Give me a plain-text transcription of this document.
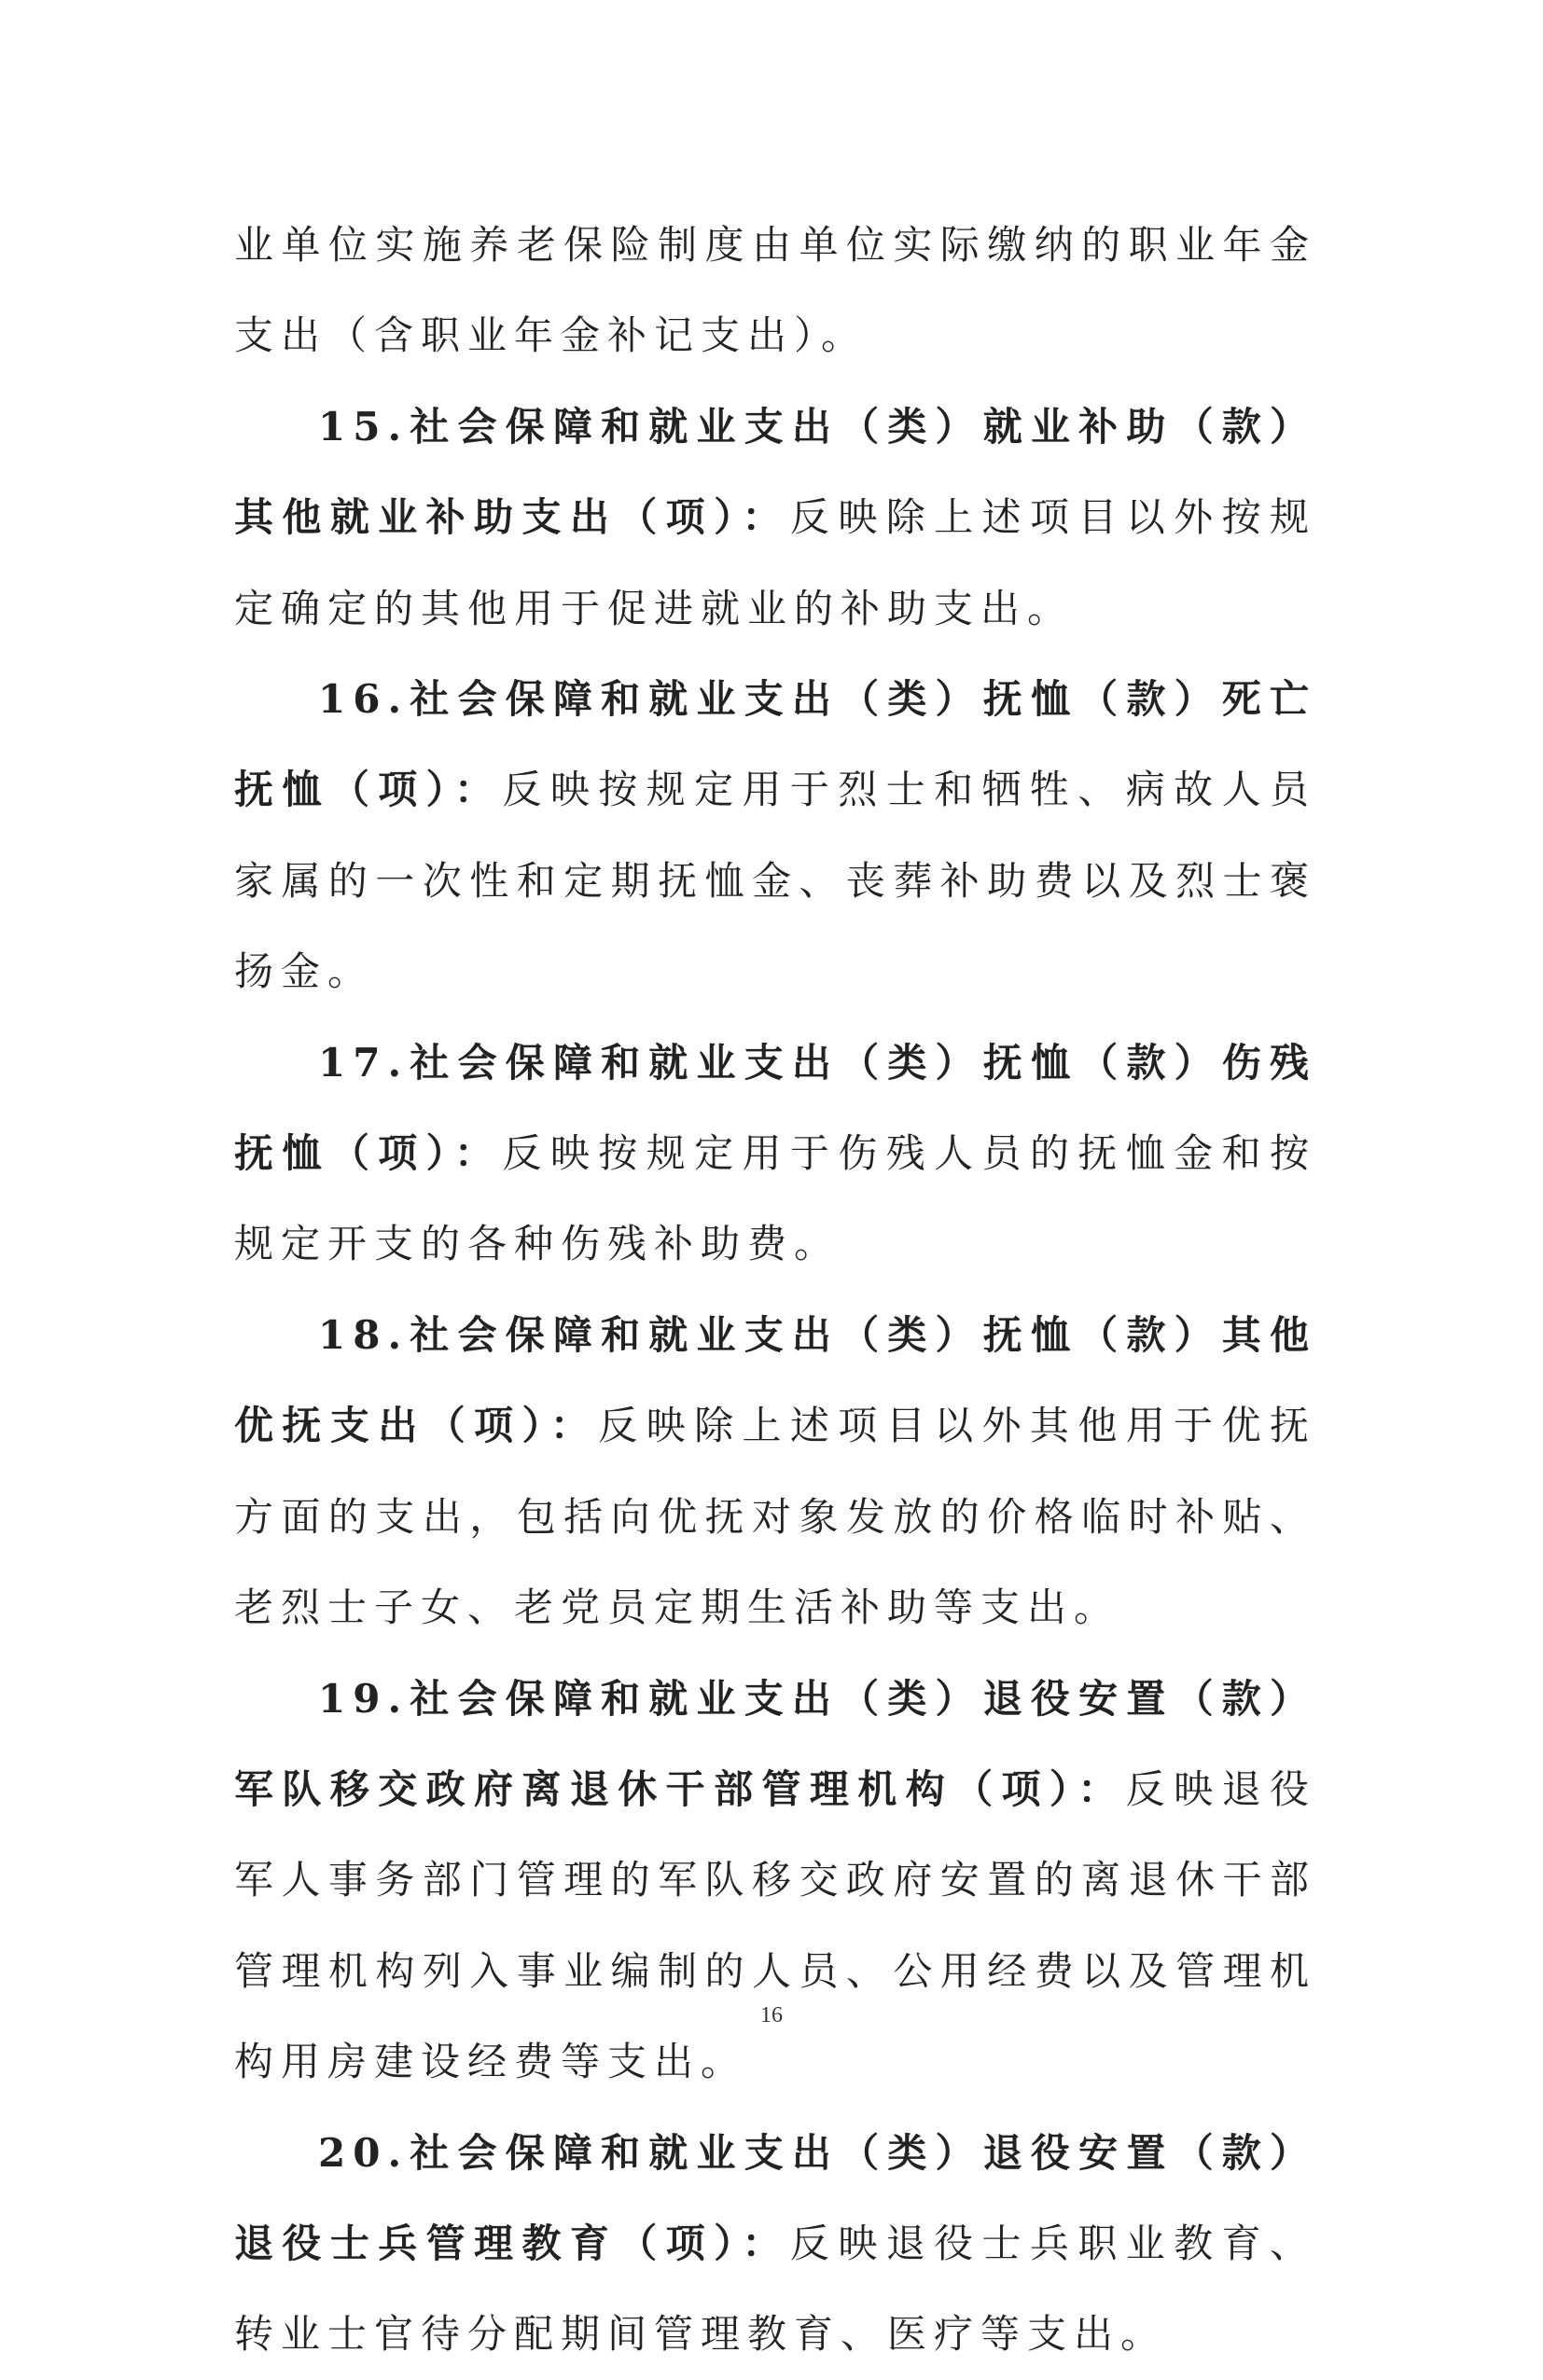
业单位实施养老保险制度由单位实际缴纳的职业年金支出（含职业年金补记支出）。

15.社会保障和就业支出（类）就业补助（款）其他就业补助支出（项）：反映除上述项目以外按规定确定的其他用于促进就业的补助支出。

16.社会保障和就业支出（类）抚恤（款）死亡抚恤（项）：反映按规定用于烈士和牺牲、病故人员家属的一次性和定期抚恤金、丧葬补助费以及烈士褒扬金。

17.社会保障和就业支出（类）抚恤（款）伤残抚恤（项）：反映按规定用于伤残人员的抚恤金和按规定开支的各种伤残补助费。

18.社会保障和就业支出（类）抚恤（款）其他优抚支出（项）：反映除上述项目以外其他用于优抚方面的支出，包括向优抚对象发放的价格临时补贴、老烈士子女、老党员定期生活补助等支出。

19.社会保障和就业支出（类）退役安置（款）军队移交政府离退休干部管理机构（项）：反映退役军人事务部门管理的军队移交政府安置的离退休干部管理机构列入事业编制的人员、公用经费以及管理机构用房建设经费等支出。

20.社会保障和就业支出（类）退役安置（款）退役士兵管理教育（项）：反映退役士兵职业教育、转业士官待分配期间管理教育、医疗等支出。

16
